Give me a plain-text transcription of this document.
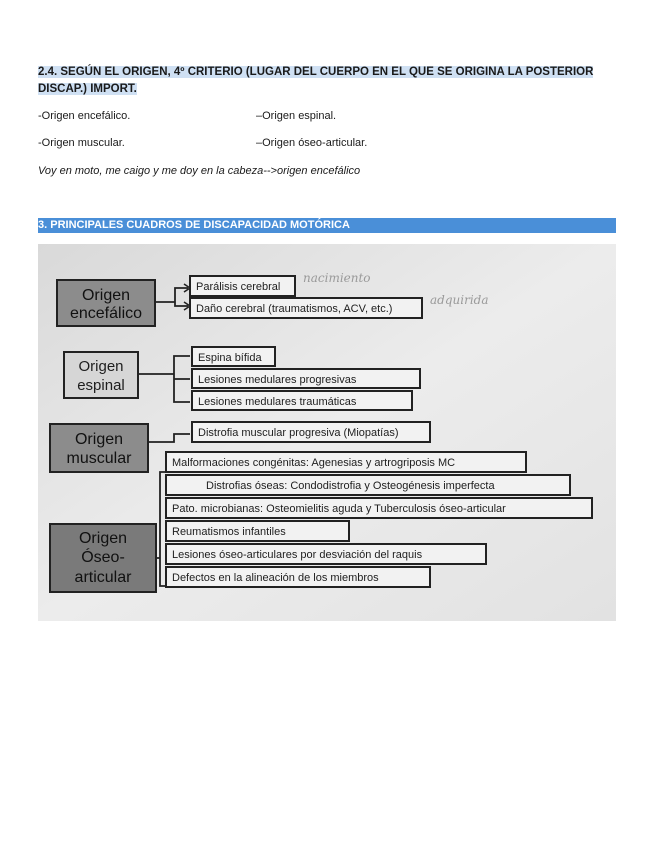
2.4. SEGÚN EL ORIGEN, 4º CRITERIO (LUGAR DEL CUERPO EN EL QUE SE ORIGINA LA POSTERIOR
DISCAP.) IMPORT.
-Origen encefálico.	–Origen espinal.
-Origen muscular.	–Origen óseo-articular.
Voy en moto, me caigo y me doy en la cabeza-->origen encefálico
3. PRINCIPALES CUADROS DE DISCAPACIDAD MOTÓRICA
Origen
encefálico
Parálisis cerebral
Daño cerebral (traumatismos, ACV, etc.)
nacimiento
adquirida
Origen
espinal
Espina bífida
Lesiones medulares progresivas
Lesiones medulares traumáticas
Origen
muscular
Distrofia muscular progresiva (Miopatías)
Origen
Óseo-
articular
Malformaciones congénitas: Agenesias y artrogriposis MC
Distrofias óseas: Condodistrofia y Osteogénesis imperfecta
Pato. microbianas: Osteomielitis aguda y Tuberculosis óseo-articular
Reumatismos infantiles
Lesiones óseo-articulares por desviación del raquis
Defectos en la alineación de los miembros
